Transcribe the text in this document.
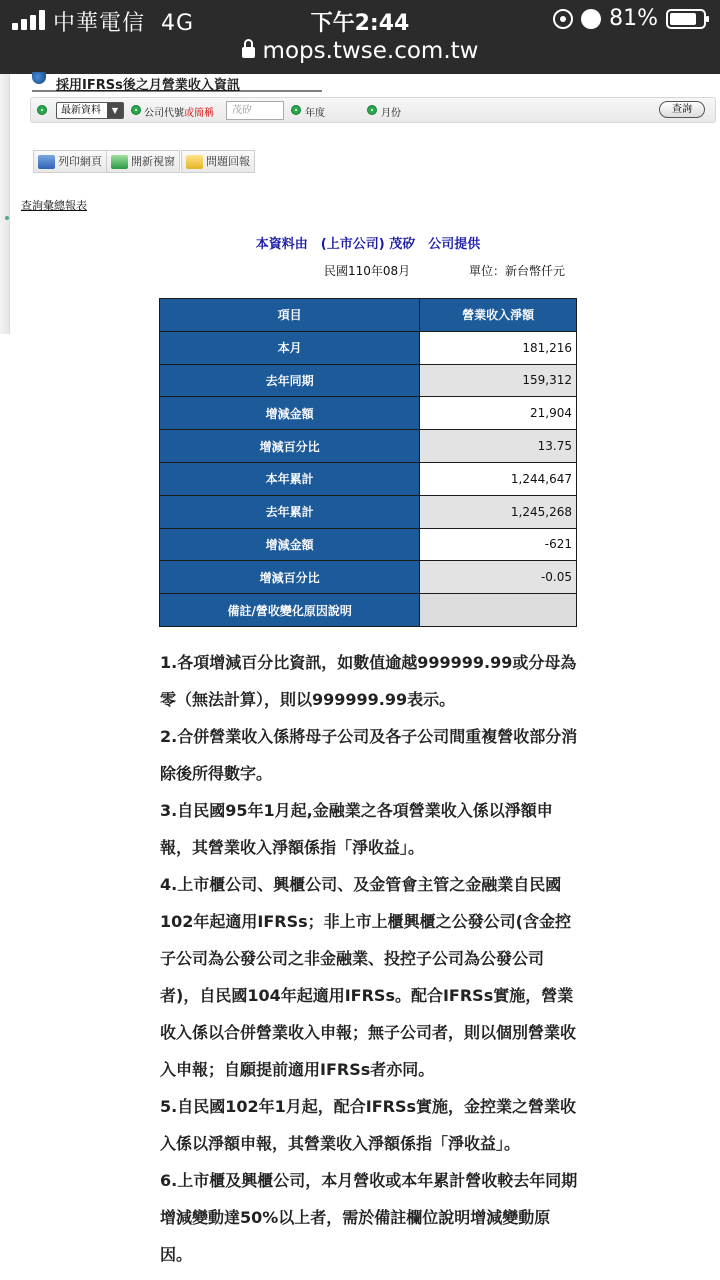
中華電信 4G	下午2:44	81%
mops.twse.com.tw
採用IFRSs後之月營業收入資訊
最新資料	▼	公司代號或簡稱	茂矽	年度	月份	查詢
列印網頁	開新視窗	問題回報
查詢彙總報表
本資料由　(上市公司) 茂矽　公司提供
民國110年08月	單位：新台幣仟元
項目	營業收入淨額
本月	181,216
去年同期	159,312
增減金額	21,904
增減百分比	13.75
本年累計	1,244,647
去年累計	1,245,268
增減金額	-621
增減百分比	-0.05
備註/營收變化原因說明	

1.各項增減百分比資訊，如數值逾越999999.99或分母為零（無法計算），則以999999.99表示。

2.合併營業收入係將母子公司及各子公司間重複營收部分消除後所得數字。

3.自民國95年1月起,金融業之各項營業收入係以淨額申報，其營業收入淨額係指「淨收益」。

4.上市櫃公司、興櫃公司、及金管會主管之金融業自民國102年起適用IFRSs；非上市上櫃興櫃之公發公司(含金控子公司為公發公司之非金融業、投控子公司為公發公司者)，自民國104年起適用IFRSs。配合IFRSs實施，營業收入係以合併營業收入申報；無子公司者，則以個別營業收入申報；自願提前適用IFRSs者亦同。

5.自民國102年1月起，配合IFRSs實施，金控業之營業收入係以淨額申報，其營業收入淨額係指「淨收益」。

6.上市櫃及興櫃公司，本月營收或本年累計營收較去年同期增減變動達50%以上者，需於備註欄位說明增減變動原因。
